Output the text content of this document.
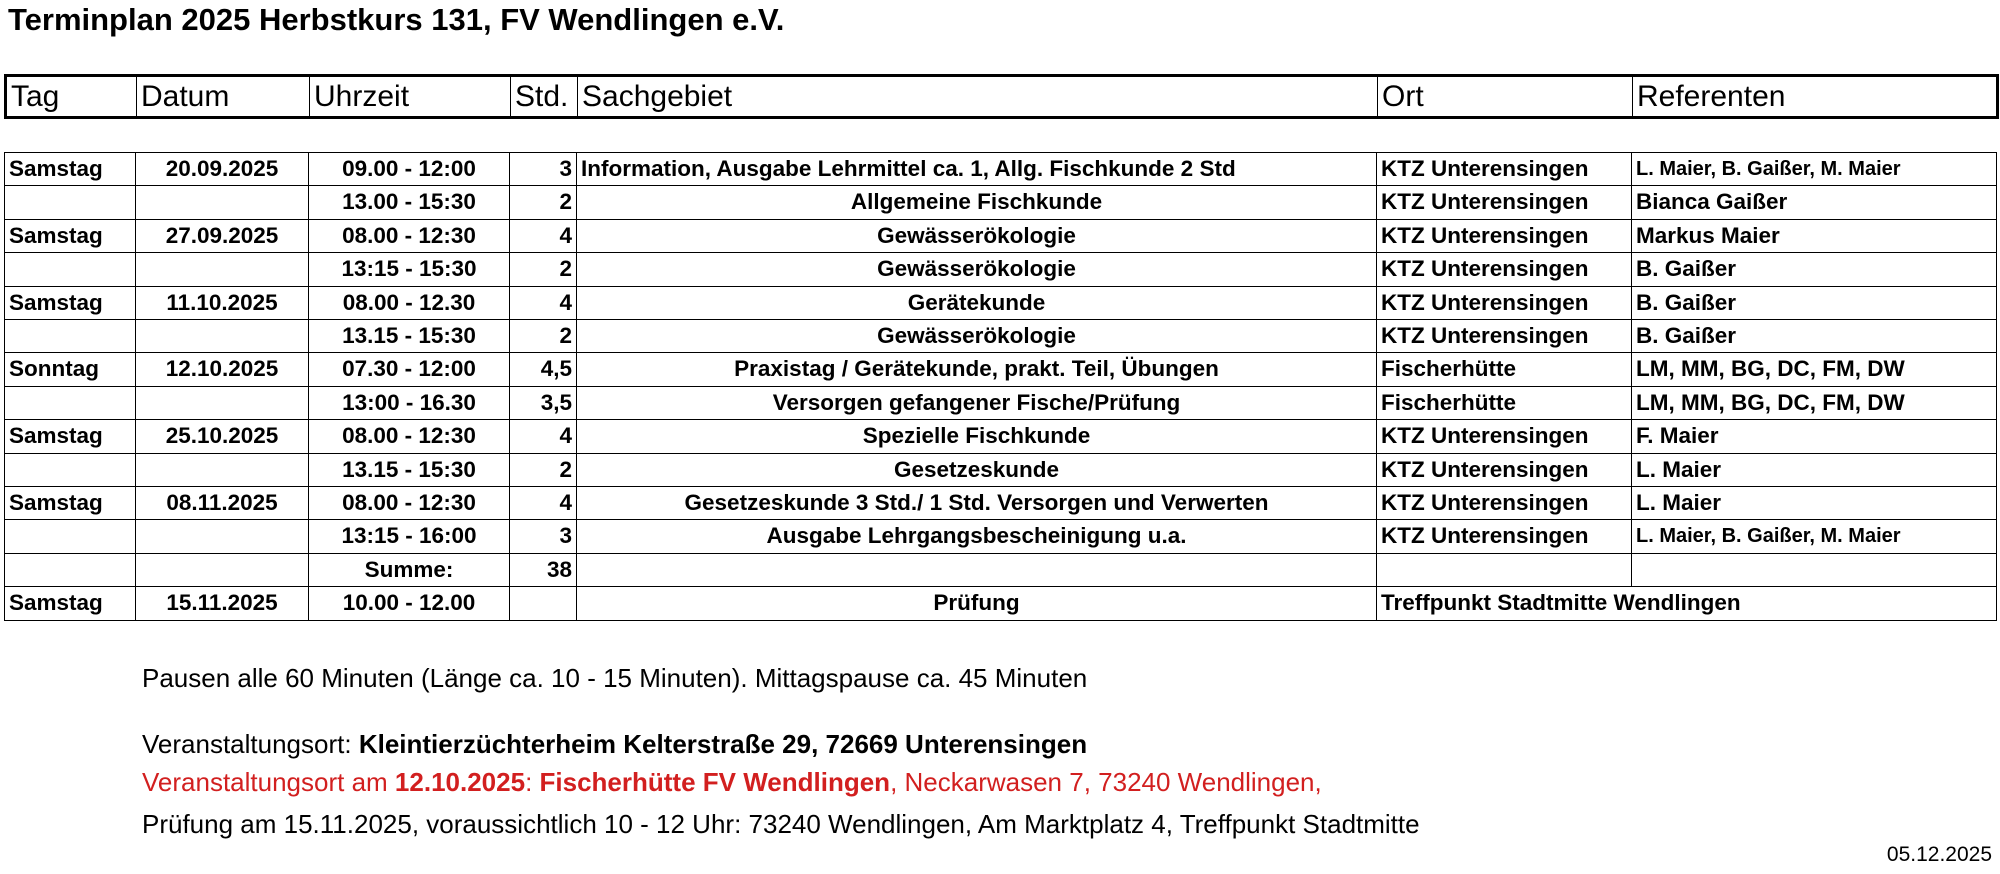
Terminplan 2025 Herbstkurs 131, FV Wendlingen e.V.
Tag	Datum	Uhrzeit	Std.	Sachgebiet	Ort	Referenten
Samstag	20.09.2025	09.00 - 12:00	3	Information, Ausgabe Lehrmittel ca. 1, Allg. Fischkunde 2 Std	KTZ Unterensingen	L. Maier, B. Gaißer, M. Maier
		13.00 - 15:30	2	Allgemeine Fischkunde	KTZ Unterensingen	Bianca Gaißer
Samstag	27.09.2025	08.00 - 12:30	4	Gewässerökologie	KTZ Unterensingen	Markus Maier
		13:15 - 15:30	2	Gewässerökologie	KTZ Unterensingen	B. Gaißer
Samstag	11.10.2025	08.00 - 12.30	4	Gerätekunde	KTZ Unterensingen	B. Gaißer
		13.15 - 15:30	2	Gewässerökologie	KTZ Unterensingen	B. Gaißer
Sonntag	12.10.2025	07.30 - 12:00	4,5	Praxistag / Gerätekunde, prakt. Teil, Übungen	Fischerhütte	LM, MM, BG, DC, FM, DW
		13:00 - 16.30	3,5	Versorgen gefangener Fische/Prüfung	Fischerhütte	LM, MM, BG, DC, FM, DW
Samstag	25.10.2025	08.00 - 12:30	4	Spezielle Fischkunde	KTZ Unterensingen	F. Maier
		13.15 - 15:30	2	Gesetzeskunde	KTZ Unterensingen	L. Maier
Samstag	08.11.2025	08.00 - 12:30	4	Gesetzeskunde 3 Std./ 1 Std. Versorgen und Verwerten	KTZ Unterensingen	L. Maier
		13:15 - 16:00	3	Ausgabe Lehrgangsbescheinigung u.a.	KTZ Unterensingen	L. Maier, B. Gaißer, M. Maier
		Summe:	38			
Samstag	15.11.2025	10.00 - 12.00		Prüfung	Treffpunkt Stadtmitte Wendlingen	
Pausen alle 60 Minuten (Länge ca. 10 - 15 Minuten). Mittagspause ca. 45 Minuten
Veranstaltungsort: Kleintierzüchterheim Kelterstraße 29, 72669 Unterensingen
Veranstaltungsort am 12.10.2025: Fischerhütte FV Wendlingen, Neckarwasen 7, 73240 Wendlingen,
Prüfung am 15.11.2025, voraussichtlich 10 - 12 Uhr: 73240 Wendlingen, Am Marktplatz 4, Treffpunkt Stadtmitte
05.12.2025
